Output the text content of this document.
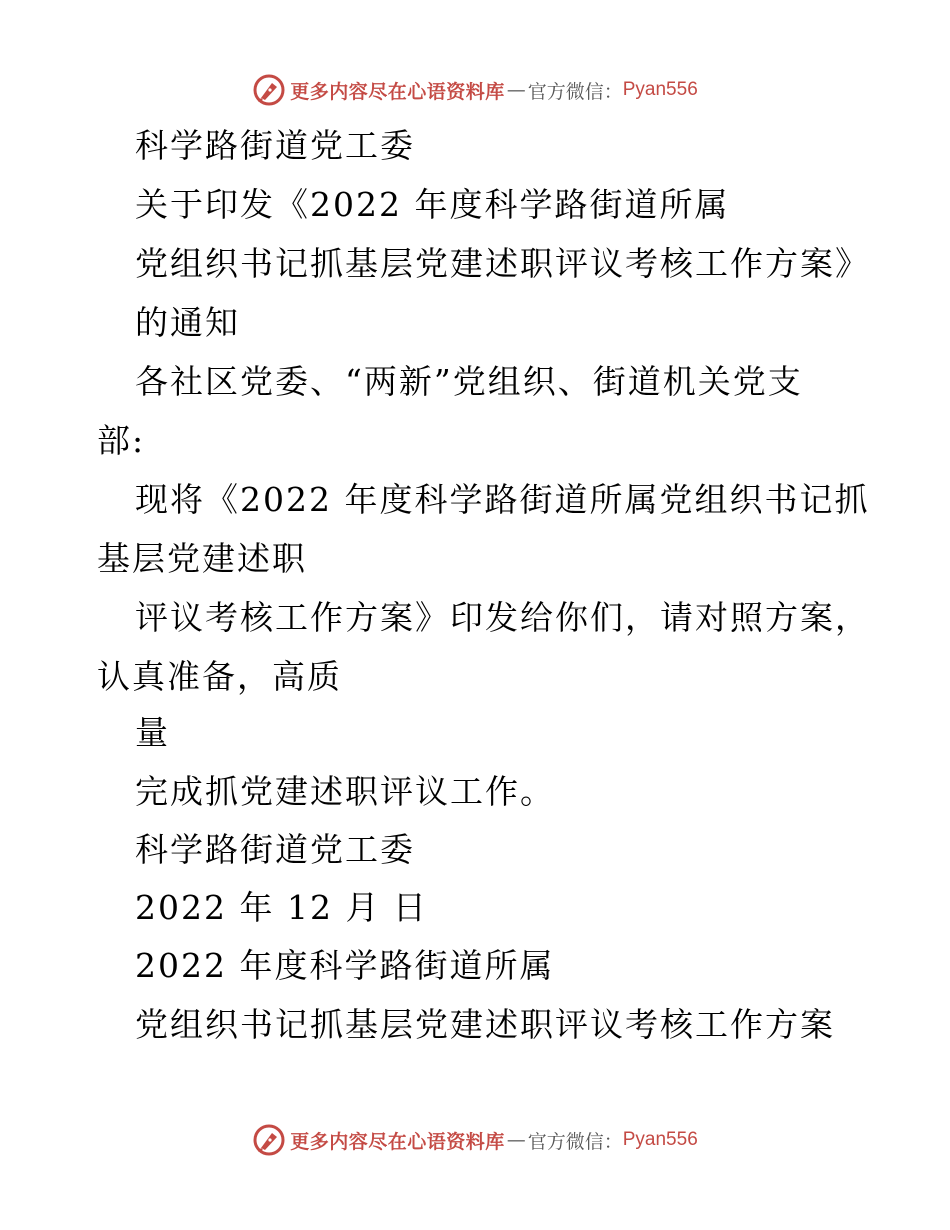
更多内容尽在心语资料库 — 官方微信： Pyan556
科学路街道党工委
关于印发《2022 年度科学路街道所属
党组织书记抓基层党建述职评议考核工作方案》
的通知
各社区党委、“两新”党组织、街道机关党支
部:
现将《2022 年度科学路街道所属党组织书记抓
基层党建述职
评议考核工作方案》印发给你们，请对照方案，
认真准备，高质
量
完成抓党建述职评议工作。
科学路街道党工委
2022 年 12 月 日
2022 年度科学路街道所属
党组织书记抓基层党建述职评议考核工作方案
更多内容尽在心语资料库 — 官方微信： Pyan556
